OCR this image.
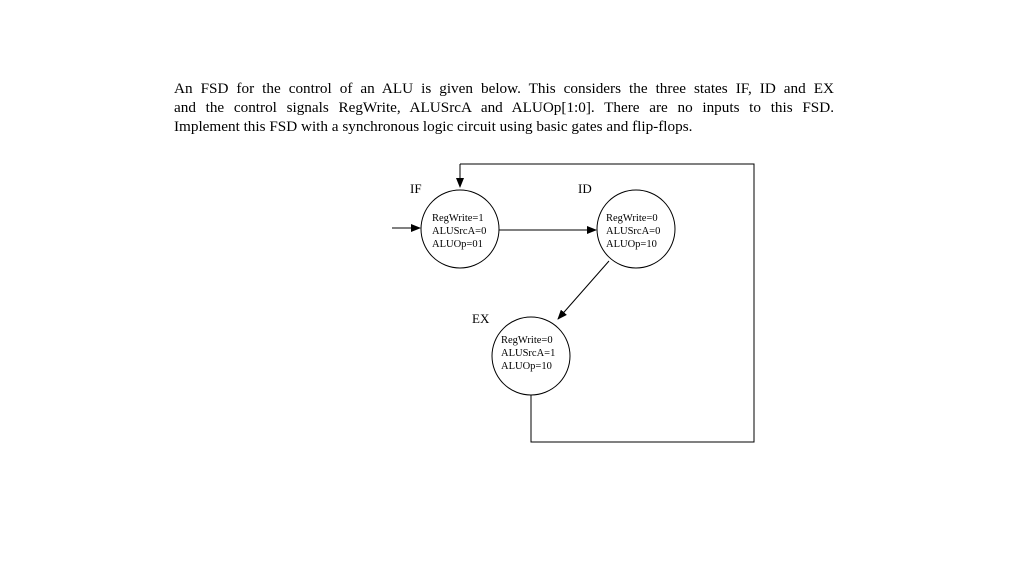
An FSD for the control of an ALU is given below. This considers the three states IF, ID and EX
and the control signals RegWrite, ALUSrcA and ALUOp[1:0]. There are no inputs to this FSD.
Implement this FSD with a synchronous logic circuit using basic gates and flip-flops.

IF
RegWrite=1
ALUSrcA=0
ALUOp=01
ID
RegWrite=0
ALUSrcA=0
ALUOp=10
EX
RegWrite=0
ALUSrcA=1
ALUOp=10
